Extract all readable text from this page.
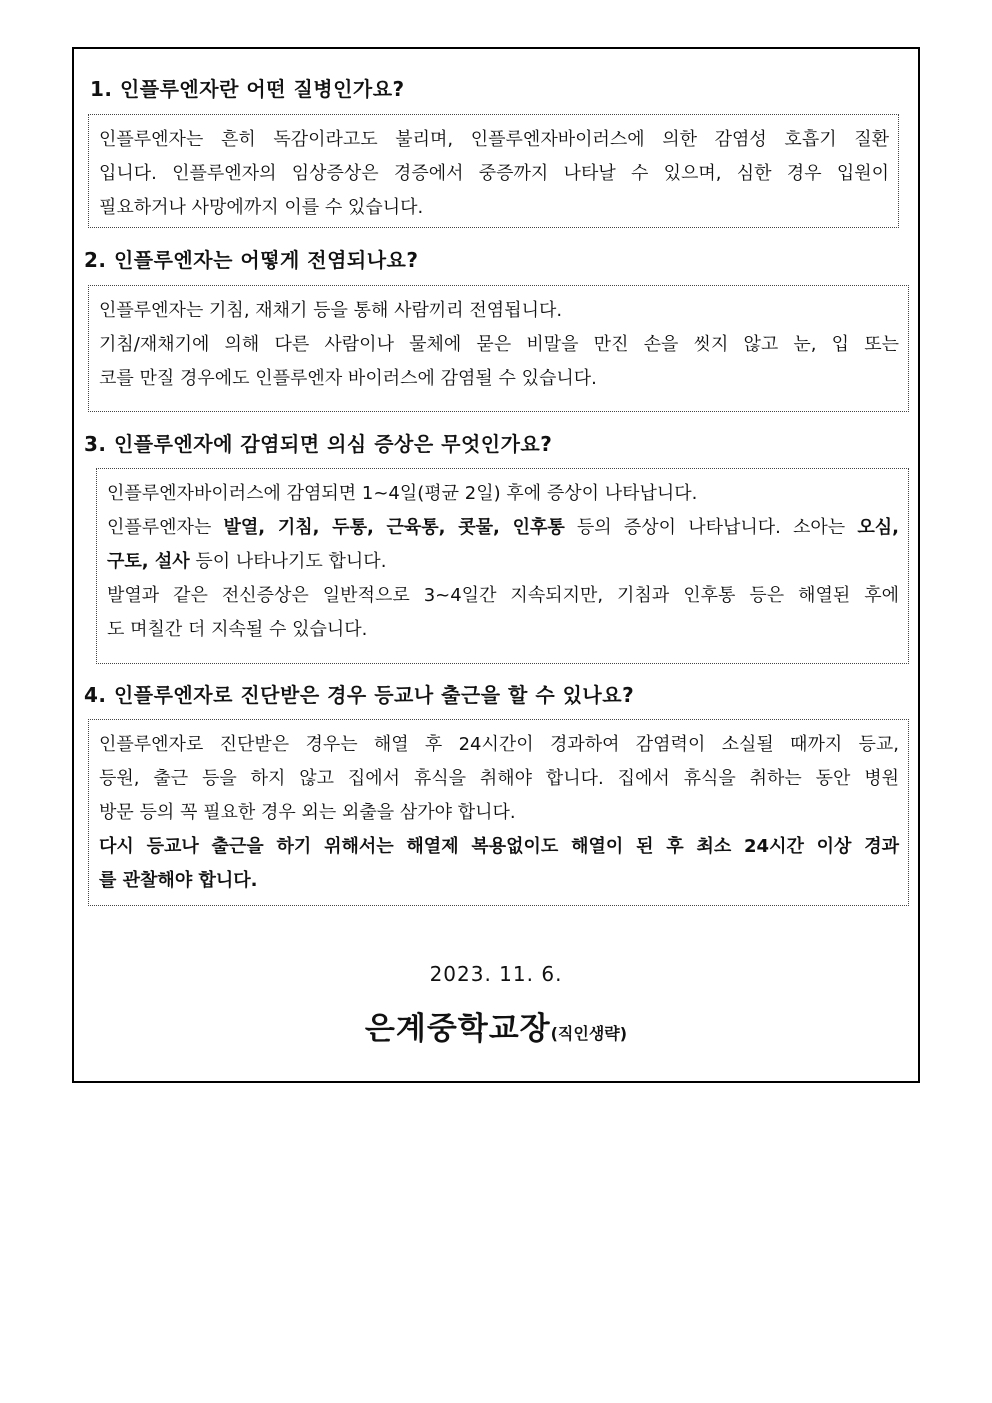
1. 인플루엔자란 어떤 질병인가요?

인플루엔자는 흔히 독감이라고도 불리며, 인플루엔자바이러스에 의한 감염성 호흡기 질환

입니다. 인플루엔자의 임상증상은 경증에서 중증까지 나타날 수 있으며, 심한 경우 입원이

필요하거나 사망에까지 이를 수 있습니다.

2. 인플루엔자는 어떻게 전염되나요?

인플루엔자는 기침, 재채기 등을 통해 사람끼리 전염됩니다.

기침/재채기에 의해 다른 사람이나 물체에 묻은 비말을 만진 손을 씻지 않고 눈, 입 또는

코를 만질 경우에도 인플루엔자 바이러스에 감염될 수 있습니다.

3. 인플루엔자에 감염되면 의심 증상은 무엇인가요?

인플루엔자바이러스에 감염되면 1~4일(평균 2일) 후에 증상이 나타납니다.

인플루엔자는 발열, 기침, 두통, 근육통, 콧물, 인후통 등의 증상이 나타납니다. 소아는 오심,

구토, 설사 등이 나타나기도 합니다.

발열과 같은 전신증상은 일반적으로 3~4일간 지속되지만, 기침과 인후통 등은 해열된 후에

도 며칠간 더 지속될 수 있습니다.

4. 인플루엔자로 진단받은 경우 등교나 출근을 할 수 있나요?

인플루엔자로 진단받은 경우는 해열 후 24시간이 경과하여 감염력이 소실될 때까지 등교,

등원, 출근 등을 하지 않고 집에서 휴식을 취해야 합니다. 집에서 휴식을 취하는 동안 병원

방문 등의 꼭 필요한 경우 외는 외출을 삼가야 합니다.

다시 등교나 출근을 하기 위해서는 해열제 복용없이도 해열이 된 후 최소 24시간 이상 경과

를 관찰해야 합니다.

2023. 11. 6.
은계중학교장(직인생략)
